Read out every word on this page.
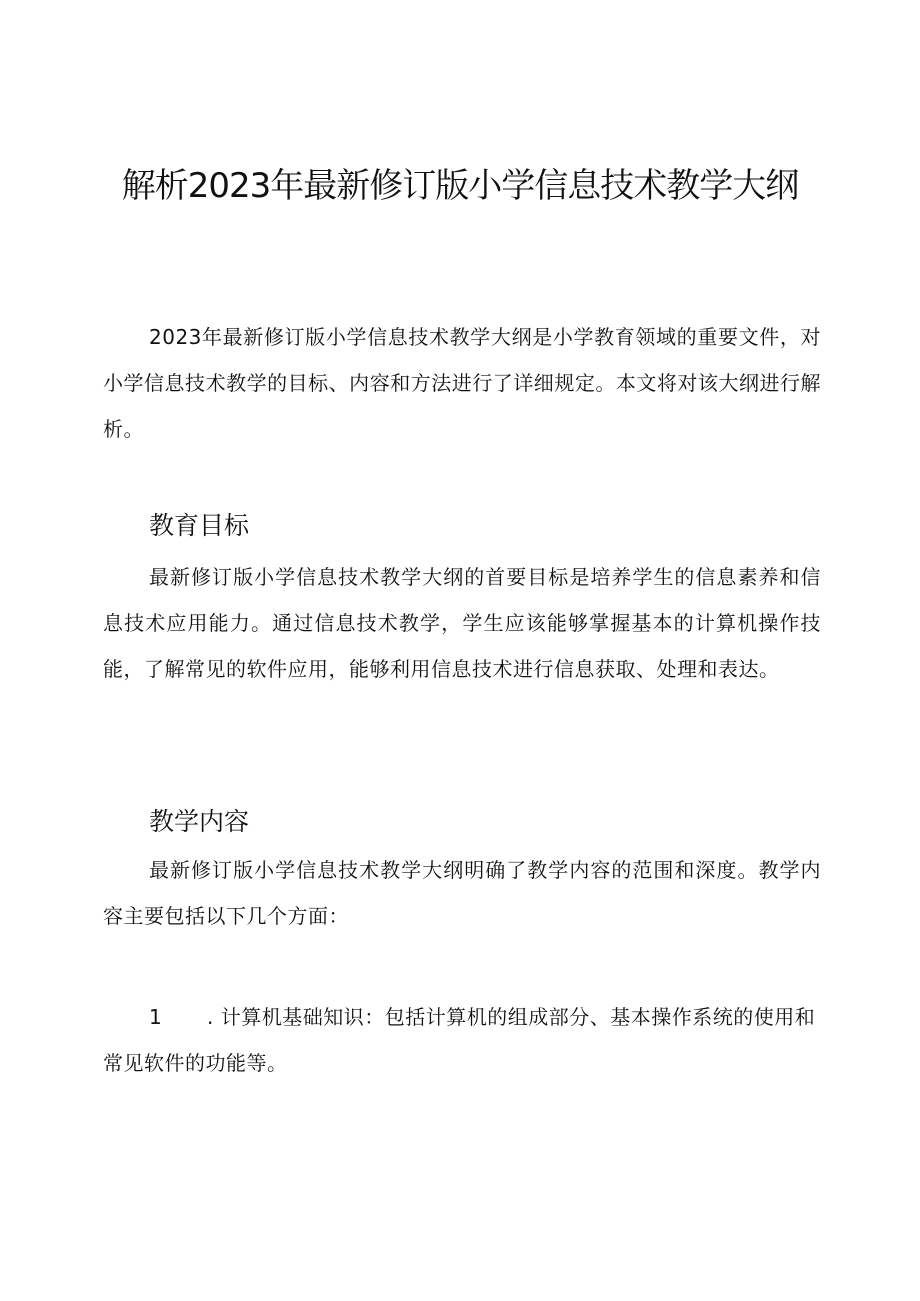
解析2023年最新修订版小学信息技术教学大纲

2023年最新修订版小学信息技术教学大纲是小学教育领域的重要文件，对小学信息技术教学的目标、内容和方法进行了详细规定。本文将对该大纲进行解析。

教育目标

最新修订版小学信息技术教学大纲的首要目标是培养学生的信息素养和信息技术应用能力。通过信息技术教学，学生应该能够掌握基本的计算机操作技能，了解常见的软件应用，能够利用信息技术进行信息获取、处理和表达。

教学内容

最新修订版小学信息技术教学大纲明确了教学内容的范围和深度。教学内容主要包括以下几个方面：

1 . 计算机基础知识：包括计算机的组成部分、基本操作系统的使用和常见软件的功能等。
